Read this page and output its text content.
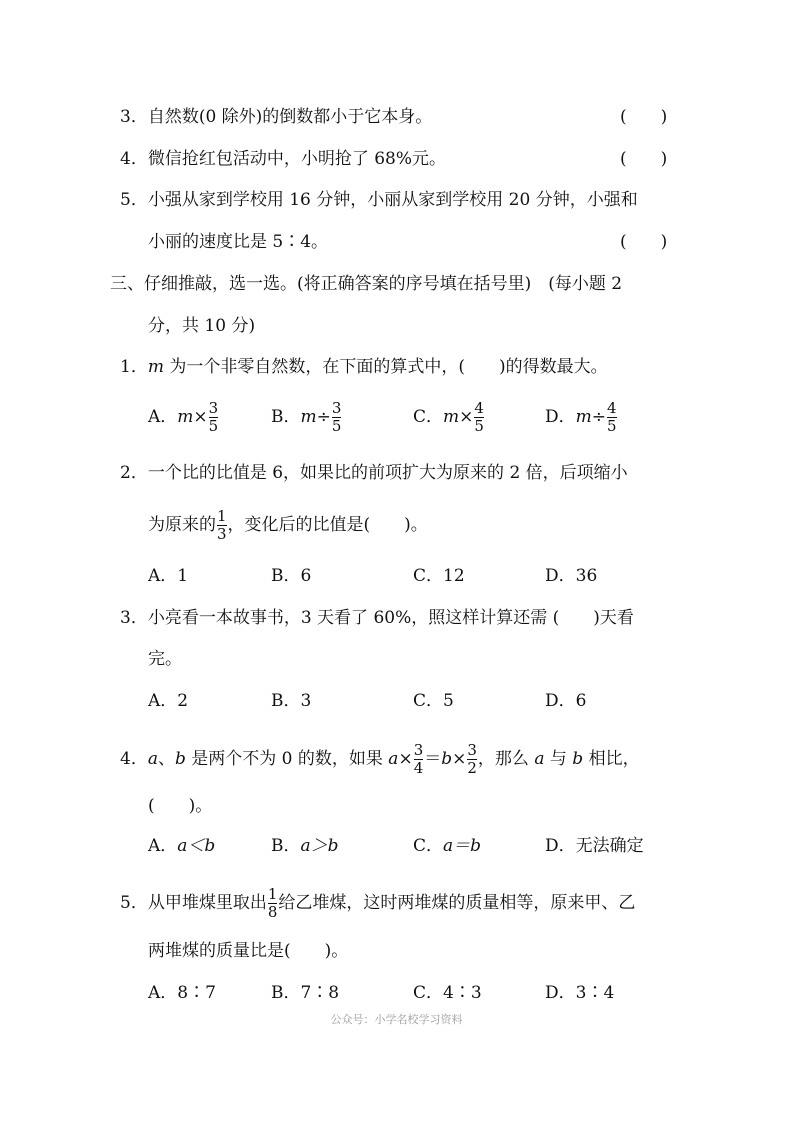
3．自然数(0 除外)的倒数都小于它本身。	(　　)
4．微信抢红包活动中，小明抢了 68%元。	(　　)
5．小强从家到学校用 16 分钟，小丽从家到学校用 20 分钟，小强和
小丽的速度比是 5∶4。	(　　)
三、仔细推敲，选一选。(将正确答案的序号填在括号里)　(每小题 2
分，共 10 分)
1．m 为一个非零自然数，在下面的算式中，(　　)的得数最大。
A．$m\times \frac{3}{5}$	B．$m\div \frac{3}{5}$	C．$m\times \frac{4}{5}$	D．$m\div \frac{4}{5}$
2．一个比的比值是 6，如果比的前项扩大为原来的 2 倍，后项缩小
为原来的 $\frac{1}{3}$ ，变化后的比值是(　　)。
A．1	B．6	C．12	D．36
3．小亮看一本故事书，3 天看了 60%，照这样计算还需 (　　)天看
完。
A．2	B．3	C．5	D．6
4．a、b 是两个不为 0 的数，如果 $a\times \frac{3}{4} =b\times \frac{3}{2}$ ，那么 a 与 b 相比，
(　　)。
A．a＜b	B．a＞b	C．a＝b	D．无法确定
5．从甲堆煤里取出 $\frac{1}{8}$ 给乙堆煤，这时两堆煤的质量相等，原来甲、乙
两堆煤的质量比是(　　)。
A．8∶7	B．7∶8	C．4∶3	D．3∶4
公众号：小学名校学习资料
